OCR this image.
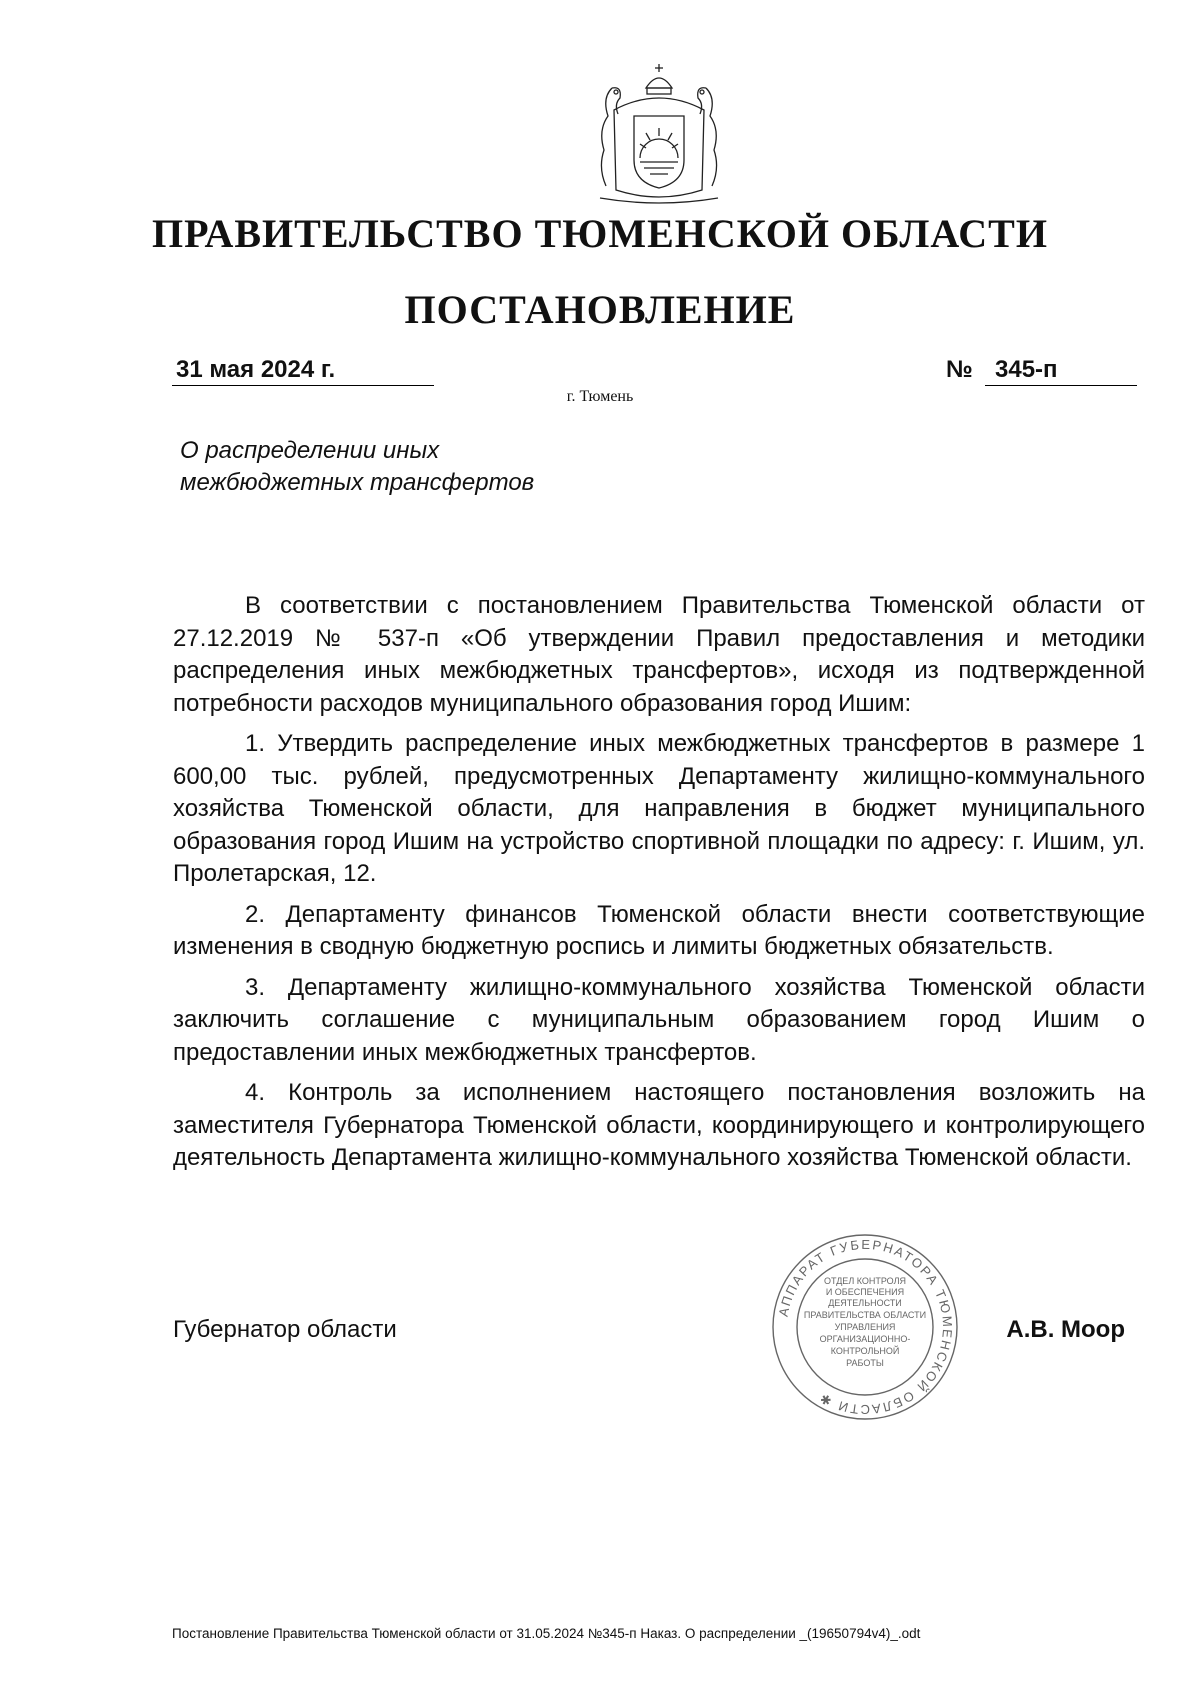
ПРАВИТЕЛЬСТВО ТЮМЕНСКОЙ ОБЛАСТИ
ПОСТАНОВЛЕНИЕ
31 мая 2024 г.	№ 345-п
г. Тюмень
О распределении иных
межбюджетных трансфертов

В соответствии с постановлением Правительства Тюменской области от 27.12.2019 № 537-п «Об утверждении Правил предоставления и методики распределения иных межбюджетных трансфертов», исходя из подтвержденной потребности расходов муниципального образования город Ишим:

1. Утвердить распределение иных межбюджетных трансфертов в размере 1 600,00 тыс. рублей, предусмотренных Департаменту жилищно-коммунального хозяйства Тюменской области, для направления в бюджет муниципального образования город Ишим на устройство спортивной площадки по адресу: г. Ишим, ул. Пролетарская, 12.

2. Департаменту финансов Тюменской области внести соответствующие изменения в сводную бюджетную роспись и лимиты бюджетных обязательств.

3. Департаменту жилищно-коммунального хозяйства Тюменской области заключить соглашение с муниципальным образованием город Ишим о предоставлении иных межбюджетных трансфертов.

4. Контроль за исполнением настоящего постановления возложить на заместителя Губернатора Тюменской области, координирующего и контролирующего деятельность Департамента жилищно-коммунального хозяйства Тюменской области.

Губернатор области
АППАРАТ ГУБЕРНАТОРА ТЮМЕНСКОЙ ОБЛАСТИ ✱
ОТДЕЛ КОНТРОЛЯ
И ОБЕСПЕЧЕНИЯ
ДЕЯТЕЛЬНОСТИ
ПРАВИТЕЛЬСТВА ОБЛАСТИ
УПРАВЛЕНИЯ
ОРГАНИЗАЦИОННО-
КОНТРОЛЬНОЙ
РАБОТЫ
А.В. Моор
Постановление Правительства Тюменской области от 31.05.2024 №345-п Наказ. О распределении _(19650794v4)_.odt
